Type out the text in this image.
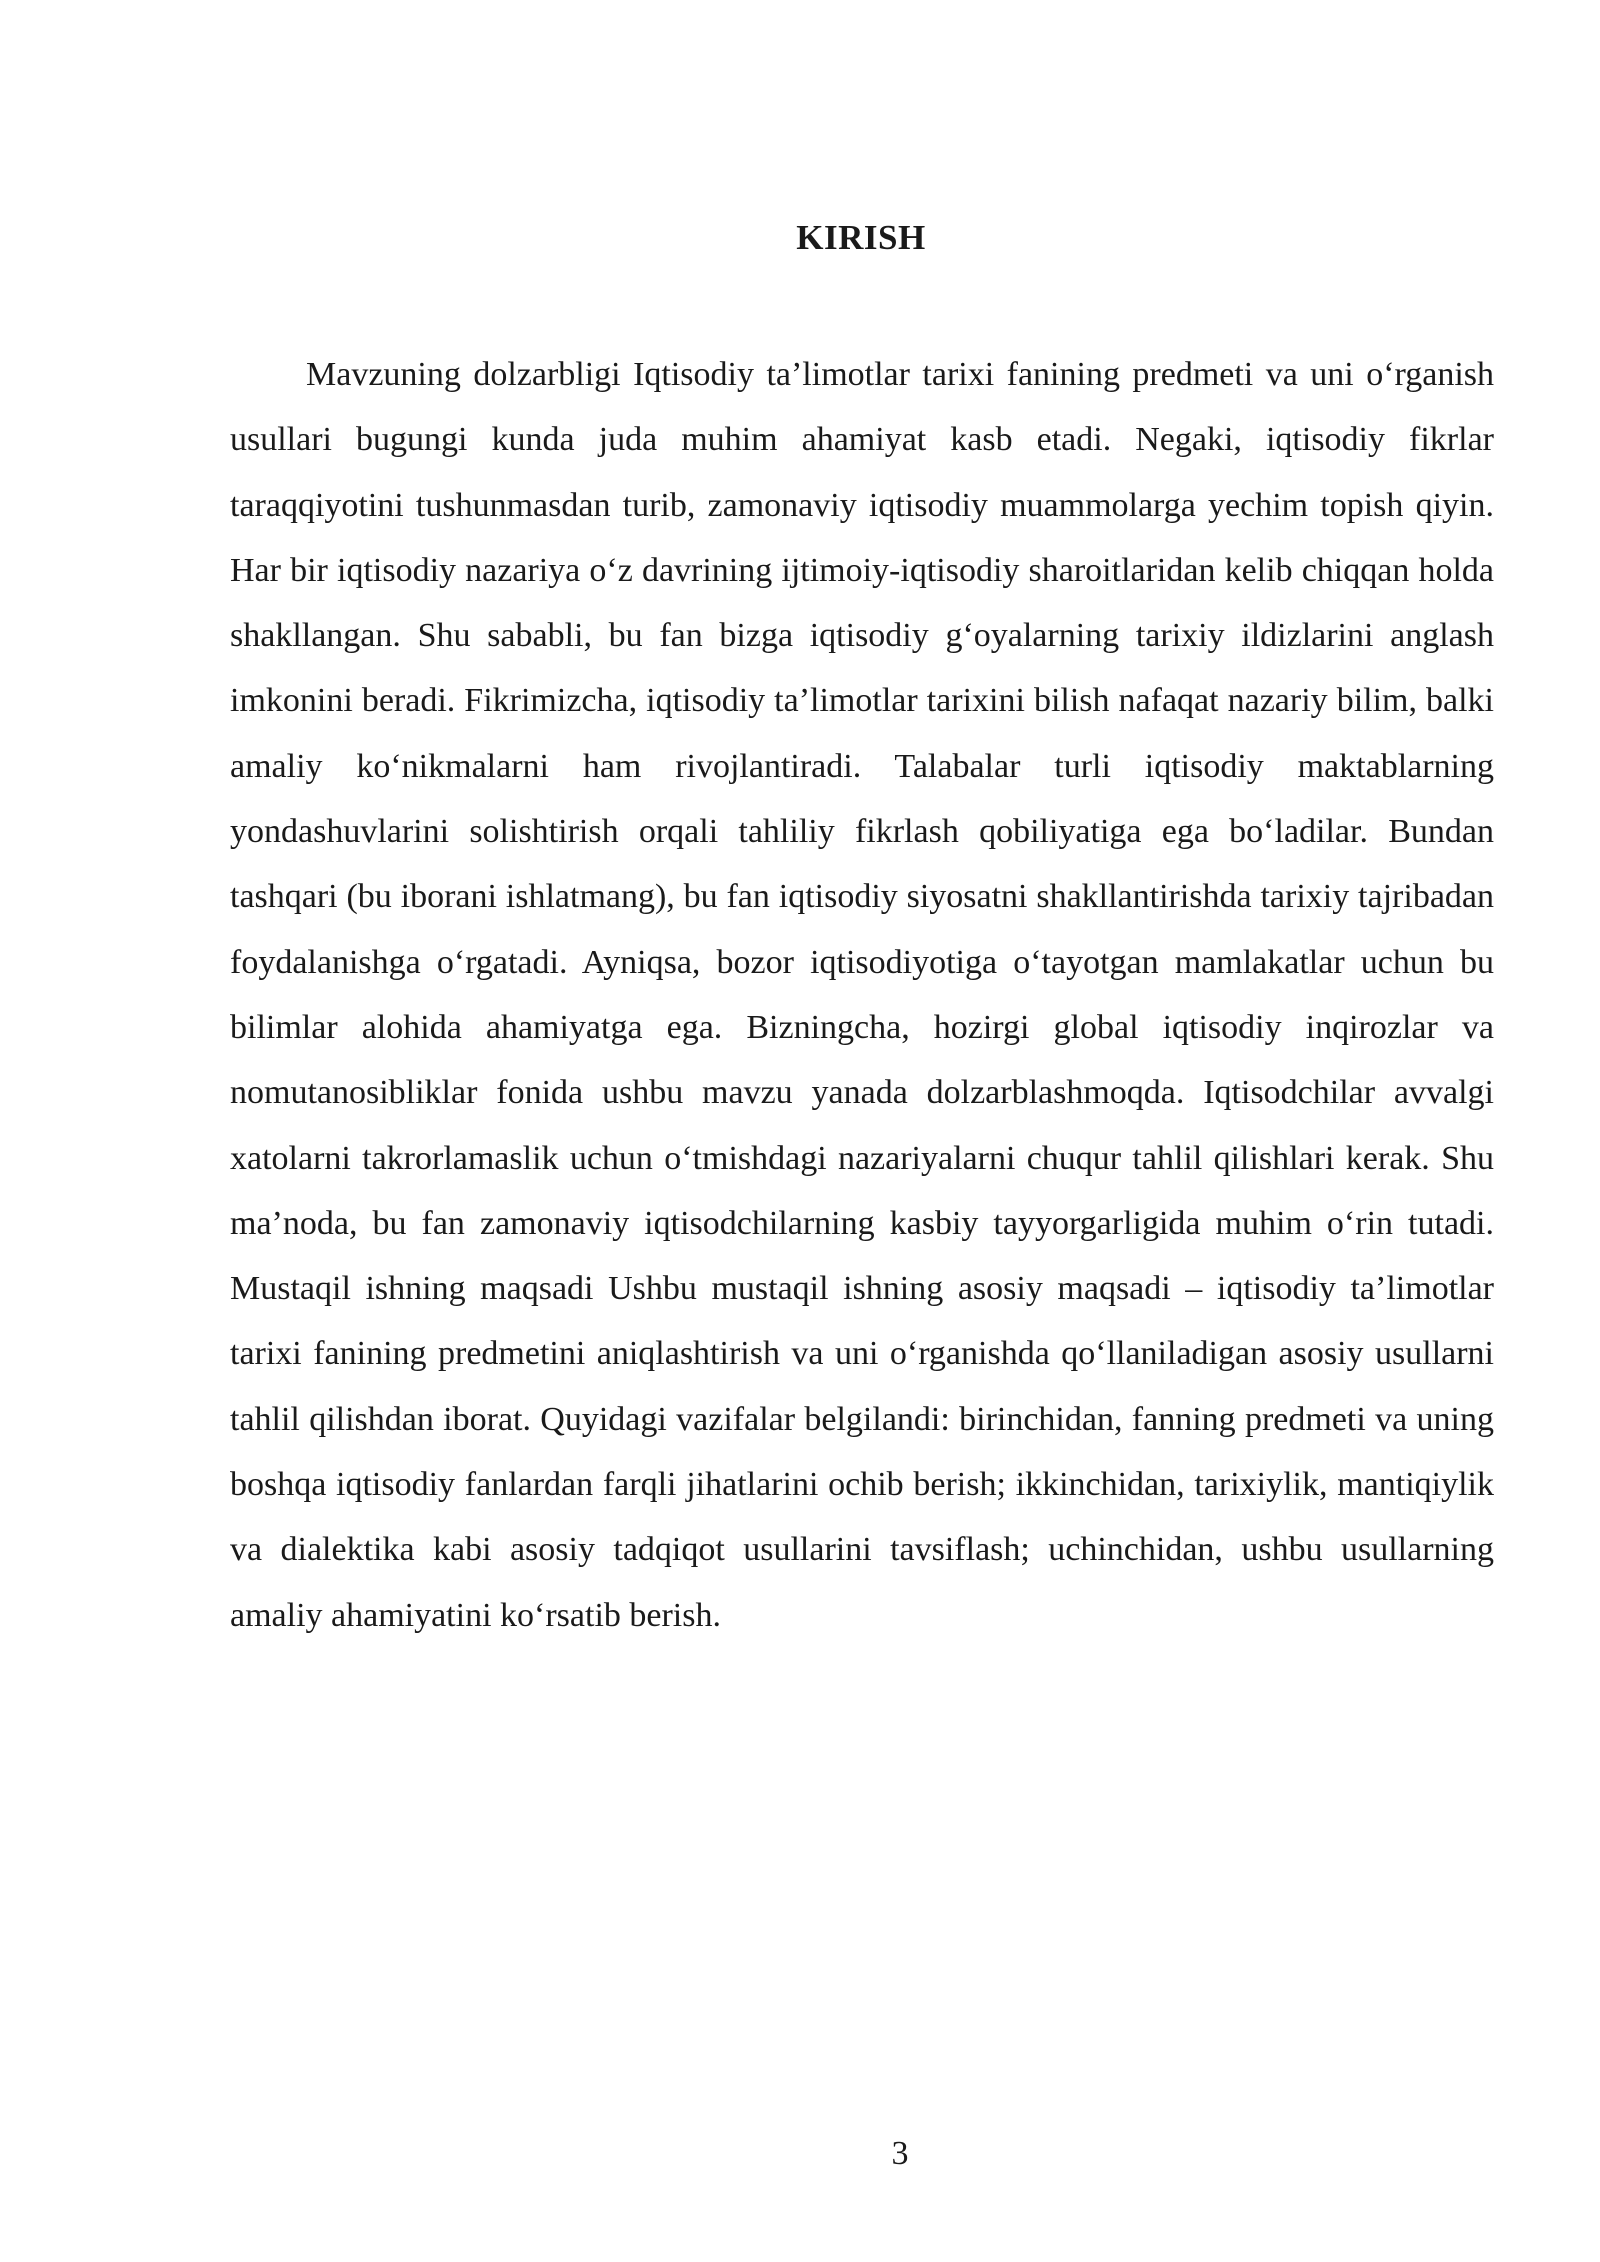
KIRISH

Mavzuning dolzarbligi Iqtisodiy ta’limotlar tarixi fanining predmeti va uni o‘rganish usullari bugungi kunda juda muhim ahamiyat kasb etadi. Negaki, iqtisodiy fikrlar taraqqiyotini tushunmasdan turib, zamonaviy iqtisodiy muammolarga yechim topish qiyin. Har bir iqtisodiy nazariya o‘z davrining ijtimoiy-iqtisodiy sharoitlaridan kelib chiqqan holda shakllangan. Shu sababli, bu fan bizga iqtisodiy g‘oyalarning tarixiy ildizlarini anglash imkonini beradi. Fikrimizcha, iqtisodiy ta’limotlar tarixini bilish nafaqat nazariy bilim, balki amaliy ko‘nikmalarni ham rivojlantiradi. Talabalar turli iqtisodiy maktablarning yondashuvlarini solishtirish orqali tahliliy fikrlash qobiliyatiga ega bo‘ladilar. Bundan tashqari (bu iborani ishlatmang), bu fan iqtisodiy siyosatni shakllantirishda tarixiy tajribadan foydalanishga o‘rgatadi. Ayniqsa, bozor iqtisodiyotiga o‘tayotgan mamlakatlar uchun bu bilimlar alohida ahamiyatga ega. Bizningcha, hozirgi global iqtisodiy inqirozlar va nomutanosibliklar fonida ushbu mavzu yanada dolzarblashmoqda. Iqtisodchilar avvalgi xatolarni takrorlamaslik uchun o‘tmishdagi nazariyalarni chuqur tahlil qilishlari kerak. Shu ma’noda, bu fan zamonaviy iqtisodchilarning kasbiy tayyorgarligida muhim o‘rin tutadi. Mustaqil ishning maqsadi Ushbu mustaqil ishning asosiy maqsadi – iqtisodiy ta’limotlar tarixi fanining predmetini aniqlashtirish va uni o‘rganishda qo‘llaniladigan asosiy usullarni tahlil qilishdan iborat. Quyidagi vazifalar belgilandi: birinchidan, fanning predmeti va uning boshqa iqtisodiy fanlardan farqli jihatlarini ochib berish; ikkinchidan, tarixiylik, mantiqiylik va dialektika kabi asosiy tadqiqot usullarini tavsiflash; uchinchidan, ushbu usullarning amaliy ahamiyatini ko‘rsatib berish.

3
